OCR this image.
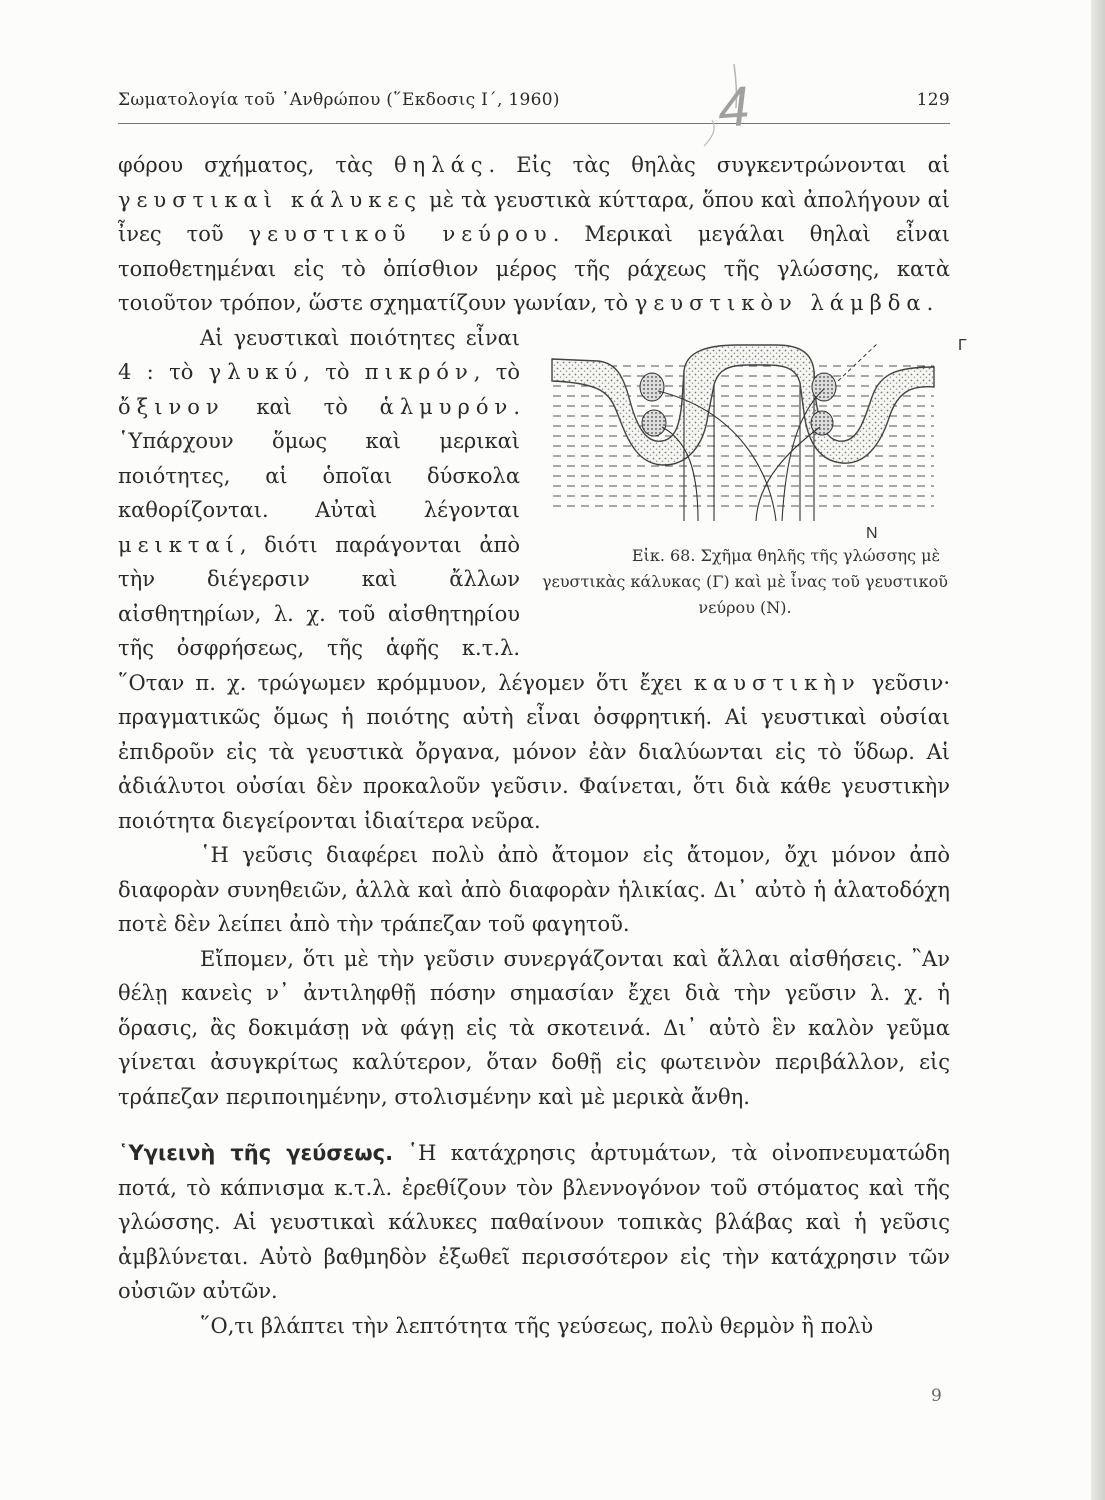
Σωματολογία τοῦ ᾿Ανθρώπου (῞Εκδοσις Ι΄, 1960)	129
4

φόρου σχήματος, τὰς θηλάς. Εἰς τὰς θηλὰς συγκεντρώνονται αἱ γευστικαὶ κάλυκες μὲ τὰ γευστικὰ κύτταρα, ὅπου καὶ ἀπολήγουν αἱ ἶνες τοῦ γευστικοῦ νεύρου. Μερικαὶ μεγάλαι θηλαὶ εἶναι τοποθετημέναι εἰς τὸ ὀπίσθιον μέρος τῆς ράχεως τῆς γλώσσης, κατὰ τοιοῦτον τρόπον, ὥστε σχηματίζουν γωνίαν, τὸ γευστικὸν λάμβδα.

Γ
Ν
Εἰκ. 68. Σχῆμα θηλῆς τῆς γλώσσης μὲ γευστικὰς κάλυκας (Γ) καὶ μὲ ἶνας τοῦ γευστικοῦ νεύρου (Ν).
Αἱ γευστικαὶ ποιότητες εἶναι 4 : τὸ γλυκύ, τὸ πικρόν, τὸ ὄξινον καὶ τὸ ἁλμυρόν. ῾Υπάρχουν ὅμως καὶ μερικαὶ ποιότητες, αἱ ὁποῖαι δύσκολα καθορίζονται. Αὐταὶ λέγονται μεικταί, διότι παράγονται ἀπὸ τὴν διέγερσιν καὶ ἄλλων αἰσθητηρίων, λ. χ. τοῦ αἰσθητηρίου τῆς ὀσφρήσεως, τῆς ἁφῆς κ.τ.λ. ῞Οταν π. χ. τρώγωμεν κρόμμυον, λέγομεν ὅτι ἔχει καυστικὴν γεῦσιν· πραγματικῶς ὅμως ἡ ποιότης αὐτὴ εἶναι ὀσφρητική. Αἱ γευστικαὶ οὐσίαι ἐπιδροῦν εἰς τὰ γευστικὰ ὄργανα, μόνον ἐὰν διαλύωνται εἰς τὸ ὕδωρ. Αἱ ἀδιάλυτοι οὐσίαι δὲν προκαλοῦν γεῦσιν. Φαίνεται, ὅτι διὰ κάθε γευστικὴν ποιότητα διεγείρονται ἰδιαίτερα νεῦρα.

῾Η γεῦσις διαφέρει πολὺ ἀπὸ ἄτομον εἰς ἄτομον, ὄχι μόνον ἀπὸ διαφορὰν συνηθειῶν, ἀλλὰ καὶ ἀπὸ διαφορὰν ἡλικίας. Δι᾿ αὐτὸ ἡ ἁλατοδόχη ποτὲ δὲν λείπει ἀπὸ τὴν τράπεζαν τοῦ φαγητοῦ.

Εἴπομεν, ὅτι μὲ τὴν γεῦσιν συνεργάζονται καὶ ἄλλαι αἰσθήσεις. ῍Αν θέλῃ κανεὶς ν᾿ ἀντιληφθῇ πόσην σημασίαν ἔχει διὰ τὴν γεῦσιν λ. χ. ἡ ὅρασις, ἂς δοκιμάσῃ νὰ φάγῃ εἰς τὰ σκοτεινά. Δι᾿ αὐτὸ ἓν καλὸν γεῦμα γίνεται ἀσυγκρίτως καλύτερον, ὅταν δοθῇ εἰς φωτεινὸν περιβάλλον, εἰς τράπεζαν περιποιημένην, στολισμένην καὶ μὲ μερικὰ ἄνθη.

῾Υγιεινὴ τῆς γεύσεως. ῾Η κατάχρησις ἀρτυμάτων, τὰ οἰνοπνευματώδη ποτά, τὸ κάπνισμα κ.τ.λ. ἐρεθίζουν τὸν βλεννογόνον τοῦ στόματος καὶ τῆς γλώσσης. Αἱ γευστικαὶ κάλυκες παθαίνουν τοπικὰς βλάβας καὶ ἡ γεῦσις ἀμβλύνεται. Αὐτὸ βαθμηδὸν ἐξωθεῖ περισσότερον εἰς τὴν κατάχρησιν τῶν οὐσιῶν αὐτῶν.

῞Ο,τι βλάπτει τὴν λεπτότητα τῆς γεύσεως, πολὺ θερμὸν ἢ πολὺ

9
